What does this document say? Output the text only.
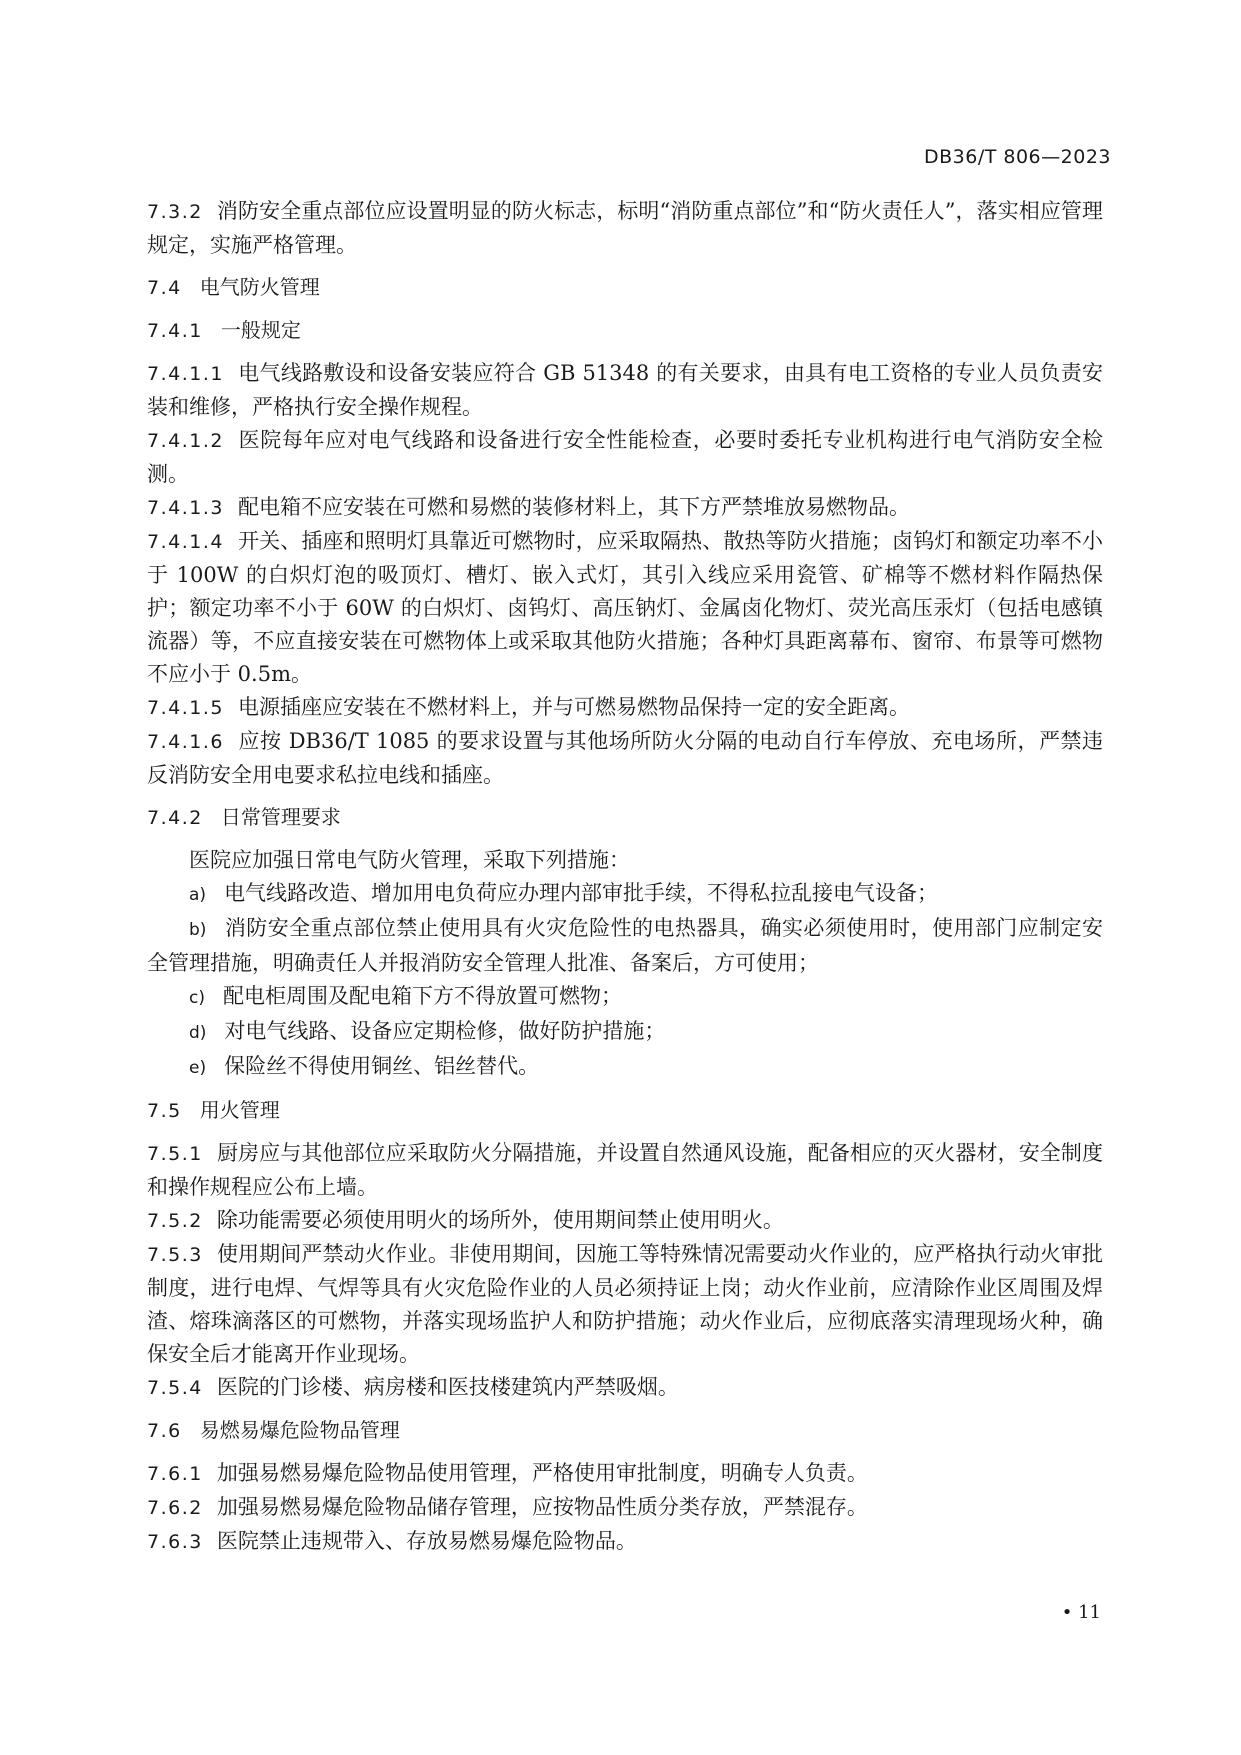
DB36/T 806—2023

7.3.2 消防安全重点部位应设置明显的防火标志，标明“消防重点部位”和“防火责任人”，落实相应管理规定，实施严格管理。

7.4 电气防火管理

7.4.1 一般规定

7.4.1.1 电气线路敷设和设备安装应符合 GB 51348 的有关要求，由具有电工资格的专业人员负责安装和维修，严格执行安全操作规程。

7.4.1.2 医院每年应对电气线路和设备进行安全性能检查，必要时委托专业机构进行电气消防安全检测。

7.4.1.3 配电箱不应安装在可燃和易燃的装修材料上，其下方严禁堆放易燃物品。

7.4.1.4 开关、插座和照明灯具靠近可燃物时，应采取隔热、散热等防火措施；卤钨灯和额定功率不小于 100W 的白炽灯泡的吸顶灯、槽灯、嵌入式灯，其引入线应采用瓷管、矿棉等不燃材料作隔热保护；额定功率不小于 60W 的白炽灯、卤钨灯、高压钠灯、金属卤化物灯、荧光高压汞灯（包括电感镇流器）等，不应直接安装在可燃物体上或采取其他防火措施；各种灯具距离幕布、窗帘、布景等可燃物不应小于 0.5m。

7.4.1.5 电源插座应安装在不燃材料上，并与可燃易燃物品保持一定的安全距离。

7.4.1.6 应按 DB36/T 1085 的要求设置与其他场所防火分隔的电动自行车停放、充电场所，严禁违反消防安全用电要求私拉电线和插座。

7.4.2 日常管理要求

医院应加强日常电气防火管理，采取下列措施：

a) 电气线路改造、增加用电负荷应办理内部审批手续，不得私拉乱接电气设备；

b) 消防安全重点部位禁止使用具有火灾危险性的电热器具，确实必须使用时，使用部门应制定安全管理措施，明确责任人并报消防安全管理人批准、备案后，方可使用；

c) 配电柜周围及配电箱下方不得放置可燃物；

d) 对电气线路、设备应定期检修，做好防护措施；

e) 保险丝不得使用铜丝、铝丝替代。

7.5 用火管理

7.5.1 厨房应与其他部位应采取防火分隔措施，并设置自然通风设施，配备相应的灭火器材，安全制度和操作规程应公布上墙。

7.5.2 除功能需要必须使用明火的场所外，使用期间禁止使用明火。

7.5.3 使用期间严禁动火作业。非使用期间，因施工等特殊情况需要动火作业的，应严格执行动火审批制度，进行电焊、气焊等具有火灾危险作业的人员必须持证上岗；动火作业前，应清除作业区周围及焊渣、熔珠滴落区的可燃物，并落实现场监护人和防护措施；动火作业后，应彻底落实清理现场火种，确保安全后才能离开作业现场。

7.5.4 医院的门诊楼、病房楼和医技楼建筑内严禁吸烟。

7.6 易燃易爆危险物品管理

7.6.1 加强易燃易爆危险物品使用管理，严格使用审批制度，明确专人负责。

7.6.2 加强易燃易爆危险物品储存管理，应按物品性质分类存放，严禁混存。

7.6.3 医院禁止违规带入、存放易燃易爆危险物品。

• 11
